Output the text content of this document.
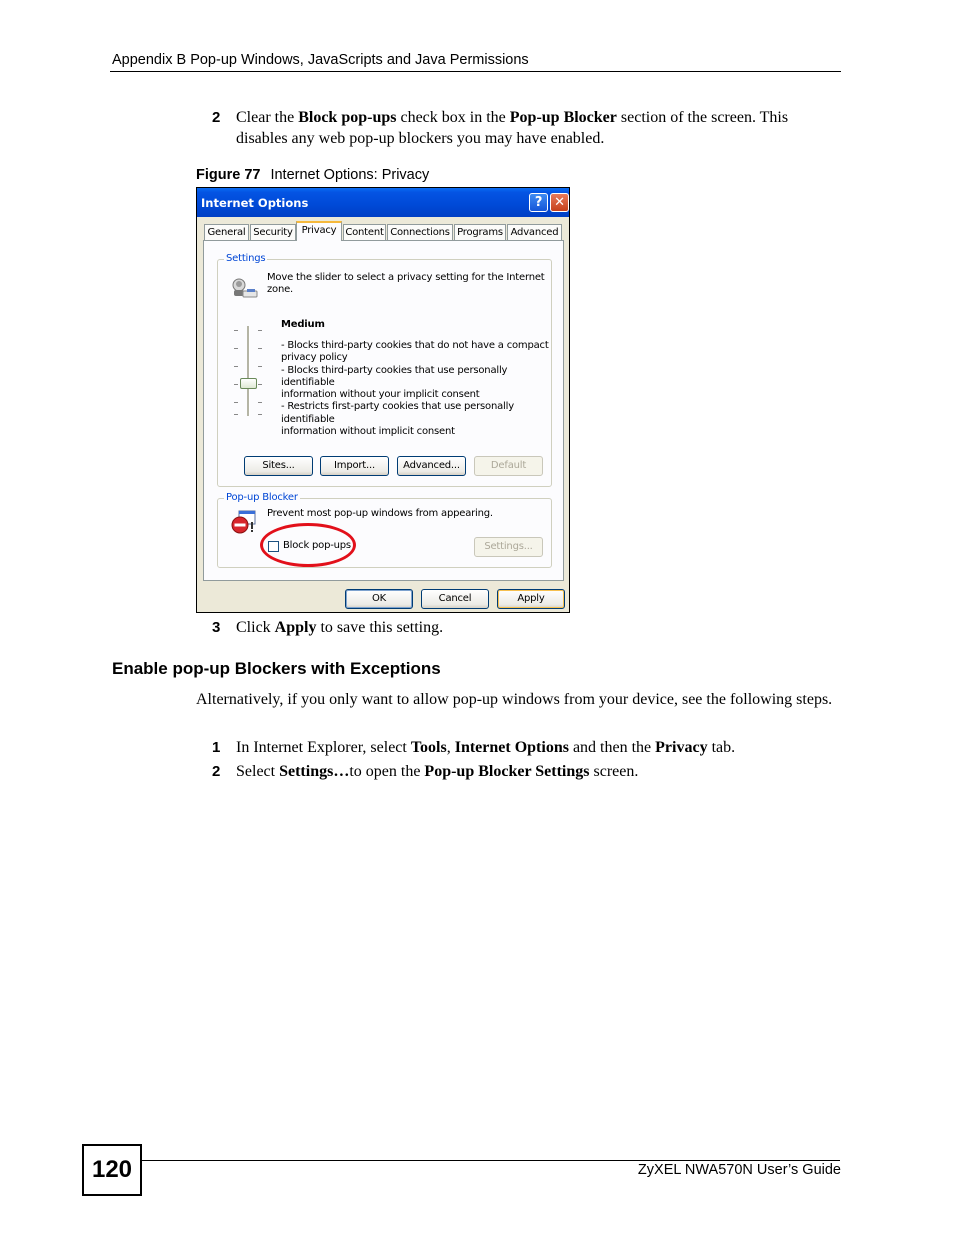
Appendix B Pop-up Windows, JavaScripts and Java Permissions
2 Clear the Block pop-ups check box in the Pop-up Blocker section of the screen. This disables any web pop-up blockers you may have enabled.
Figure 77 Internet Options: Privacy
Internet Options	? ✕
General Security Privacy Content Connections Programs Advanced
Settings
Move the slider to select a privacy setting for the Internet
zone.
Medium
- Blocks third-party cookies that do not have a compact
privacy policy
- Blocks third-party cookies that use personally identifiable
information without your implicit consent
- Restricts first-party cookies that use personally identifiable
information without implicit consent
Sites...	Import...	Advanced...	Default
Pop-up Blocker
Prevent most pop-up windows from appearing.
Block pop-ups	Settings...
OK	Cancel	Apply
3 Click Apply to save this setting.
Enable pop-up Blockers with Exceptions
Alternatively, if you only want to allow pop-up windows from your device, see the following steps.
1 In Internet Explorer, select Tools, Internet Options and then the Privacy tab.
2 Select Settings…to open the Pop-up Blocker Settings screen.
120	ZyXEL NWA570N User’s Guide
